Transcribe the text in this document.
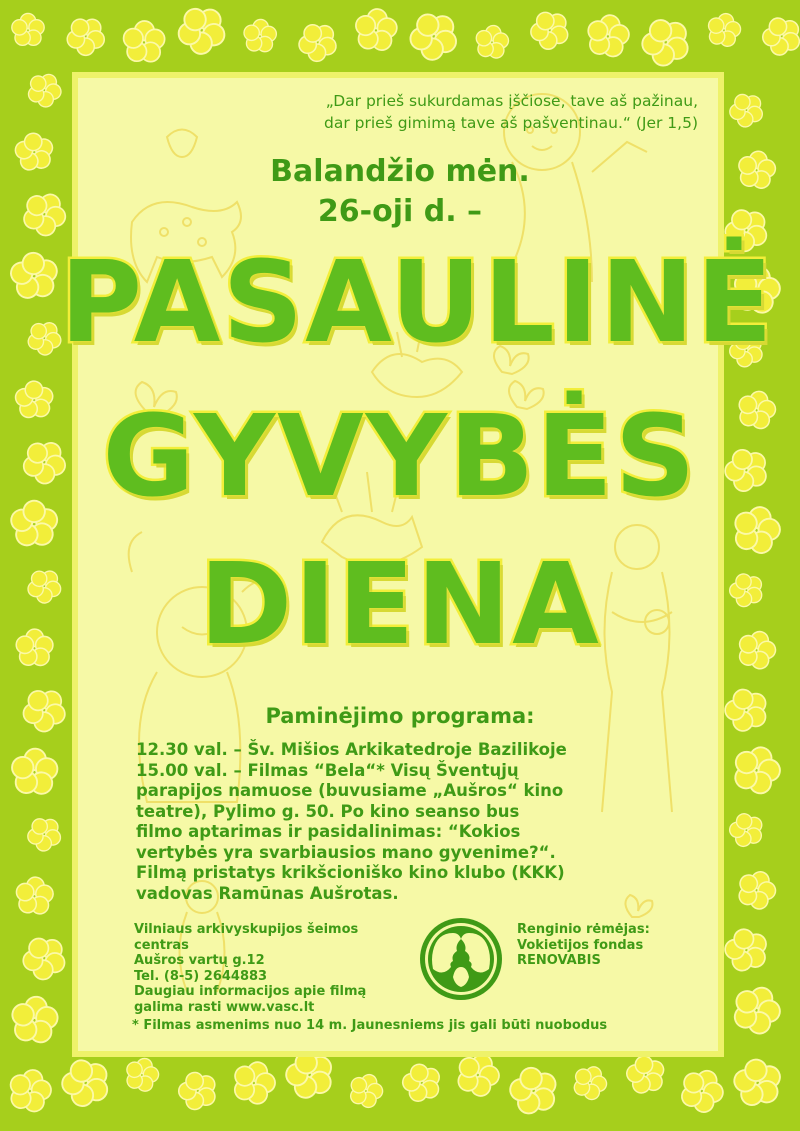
„Dar prieš sukurdamas įščiose, tave aš pažinau,
dar prieš gimimą tave aš pašventinau.“ (Jer 1,5)
Balandžio mėn.
26-oji d. –
PASAULINĖ
GYVYBĖS
DIENA
Paminėjimo programa:
12.30 val. – Šv. Mišios Arkikatedroje Bazilikoje
15.00 val. – Filmas “Bela“* Visų Šventųjų
parapijos namuose (buvusiame „Aušros“ kino
teatre), Pylimo g. 50. Po kino seanso bus
filmo aptarimas ir pasidalinimas: “Kokios
vertybės yra svarbiausios mano gyvenime?“.
Filmą pristatys krikšcioniško kino klubo (KKK)
vadovas Ramūnas Aušrotas.
Vilniaus arkivyskupijos šeimos
centras
Aušros vartų g.12
Tel. (8-5) 2644883
Daugiau informacijos apie filmą
galima rasti www.vasc.lt
Renginio rėmėjas:
Vokietijos fondas
RENOVABIS
* Filmas asmenims nuo 14 m. Jaunesniems jis gali būti nuobodus
